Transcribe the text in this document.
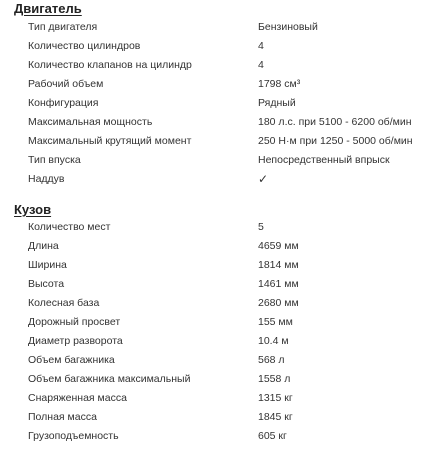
Двигатель
Тип двигателя	Бензиновый
Количество цилиндров	4
Количество клапанов на цилиндр	4
Рабочий объем	1798 см³
Конфигурация	Рядный
Максимальная мощность	180 л.с. при 5100 - 6200 об/мин
Максимальный крутящий момент	250 Н·м при 1250 - 5000 об/мин
Тип впуска	Непосредственный впрыск
Наддув	✓
Кузов
Количество мест	5
Длина	4659 мм
Ширина	1814 мм
Высота	1461 мм
Колесная база	2680 мм
Дорожный просвет	155 мм
Диаметр разворота	10.4 м
Объем багажника	568 л
Объем багажника максимальный	1558 л
Снаряженная масса	1315 кг
Полная масса	1845 кг
Грузоподъемность	605 кг
